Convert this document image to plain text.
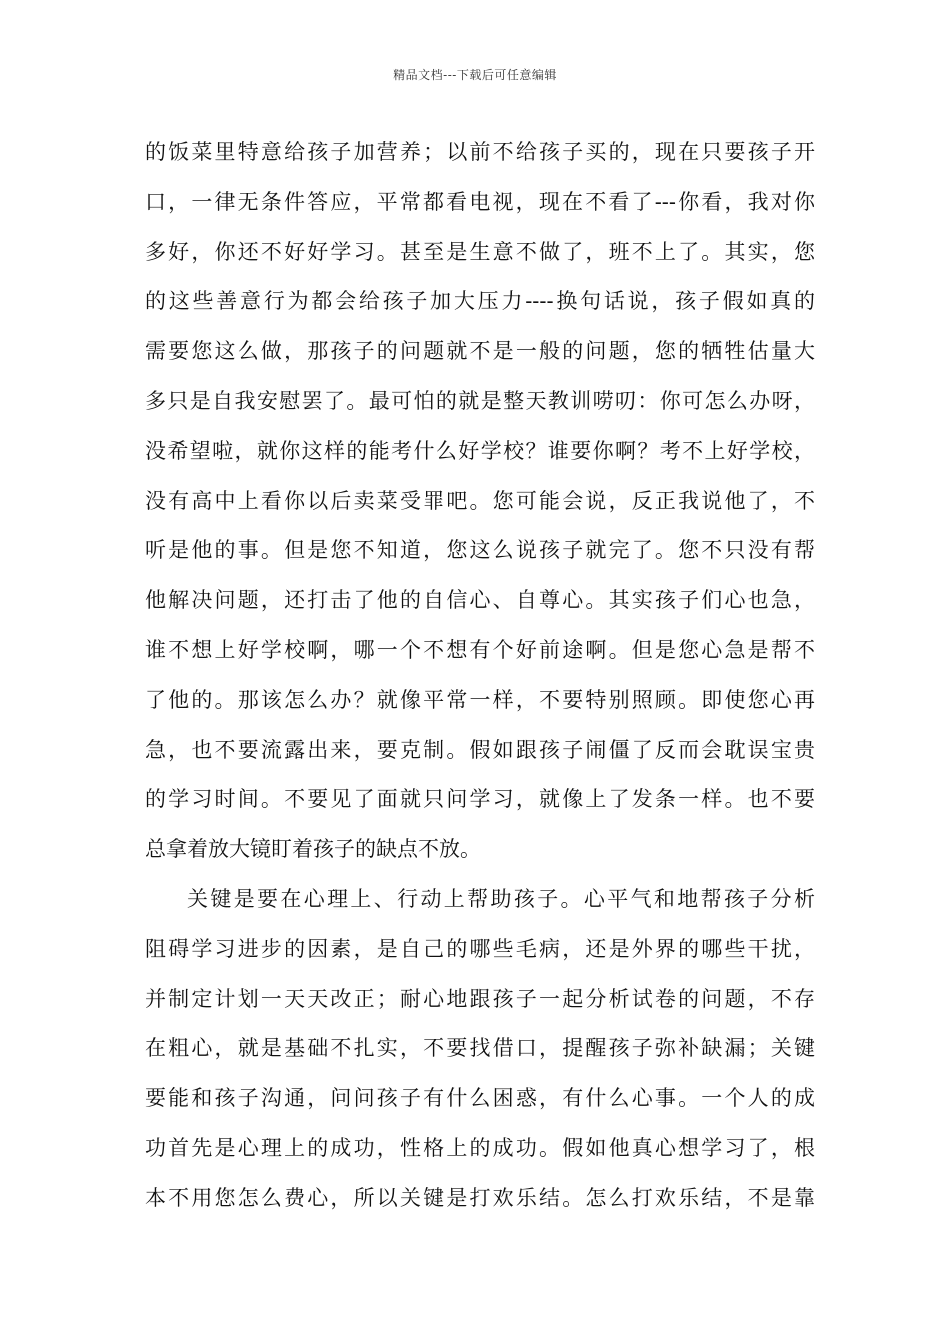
精品文档---下载后可任意编辑
的饭菜里特意给孩子加营养；以前不给孩子买的，现在只要孩子开
口，一律无条件答应，平常都看电视，现在不看了---你看，我对你
多好，你还不好好学习。甚至是生意不做了，班不上了。其实，您
的这些善意行为都会给孩子加大压力----换句话说，孩子假如真的
需要您这么做，那孩子的问题就不是一般的问题，您的牺牲估量大
多只是自我安慰罢了。最可怕的就是整天教训唠叨：你可怎么办呀，
没希望啦，就你这样的能考什么好学校？谁要你啊？考不上好学校，
没有高中上看你以后卖菜受罪吧。您可能会说，反正我说他了，不
听是他的事。但是您不知道，您这么说孩子就完了。您不只没有帮
他解决问题，还打击了他的自信心、自尊心。其实孩子们心也急，
谁不想上好学校啊，哪一个不想有个好前途啊。但是您心急是帮不
了他的。那该怎么办？就像平常一样，不要特别照顾。即使您心再
急，也不要流露出来，要克制。假如跟孩子闹僵了反而会耽误宝贵
的学习时间。不要见了面就只问学习，就像上了发条一样。也不要
总拿着放大镜盯着孩子的缺点不放。
关键是要在心理上、行动上帮助孩子。心平气和地帮孩子分析
阻碍学习进步的因素，是自己的哪些毛病，还是外界的哪些干扰，
并制定计划一天天改正；耐心地跟孩子一起分析试卷的问题，不存
在粗心，就是基础不扎实，不要找借口，提醒孩子弥补缺漏；关键
要能和孩子沟通，问问孩子有什么困惑，有什么心事。一个人的成
功首先是心理上的成功，性格上的成功。假如他真心想学习了，根
本不用您怎么费心，所以关键是打欢乐结。怎么打欢乐结，不是靠
